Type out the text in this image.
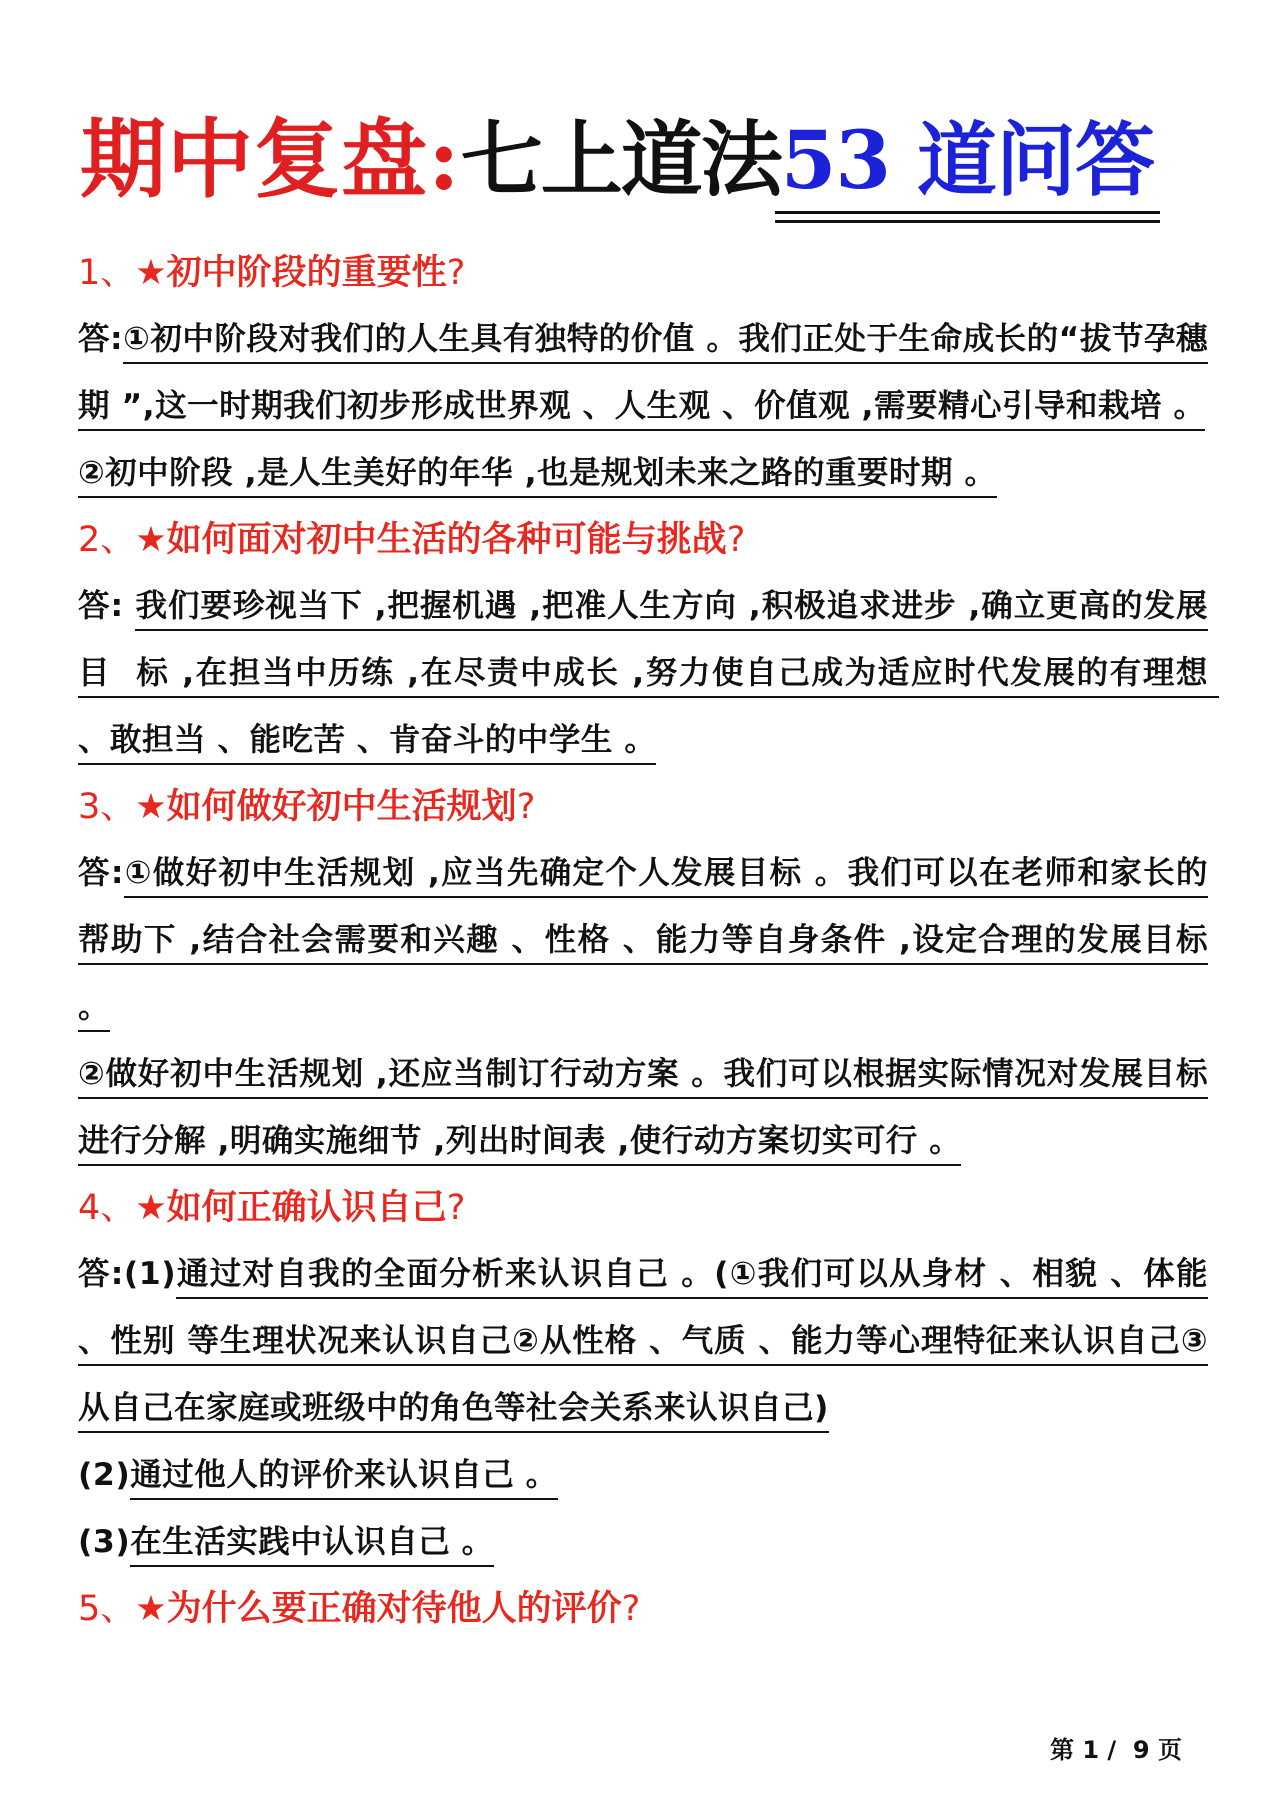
期中复盘:七上道法53 道问答
1、★初中阶段的重要性?

答:①初中阶段对我们的人生具有独特的价值 。我们正处于生命成长的“拔节孕穗期 ”,这一时期我们初步形成世界观 、人生观 、价值观 ,需要精心引导和栽培 。

②初中阶段 ,是人生美好的年华 ,也是规划未来之路的重要时期 。

2、★如何面对初中生活的各种可能与挑战?

答: 我们要珍视当下 ,把握机遇 ,把准人生方向 ,积极追求进步 ,确立更高的发展目  标 ,在担当中历练 ,在尽责中成长 ,努力使自己成为适应时代发展的有理想 、敢担当 、能吃苦 、肯奋斗的中学生 。

3、★如何做好初中生活规划?

答:①做好初中生活规划 ,应当先确定个人发展目标 。我们可以在老师和家长的帮助下 ,结合社会需要和兴趣 、性格 、能力等自身条件 ,设定合理的发展目标 。

②做好初中生活规划 ,还应当制订行动方案 。我们可以根据实际情况对发展目标进行分解 ,明确实施细节 ,列出时间表 ,使行动方案切实可行 。

4、★如何正确认识自己?

答:(1)通过对自我的全面分析来认识自己 。(①我们可以从身材 、相貌 、体能 、性别 等生理状况来认识自己②从性格 、气质 、能力等心理特征来认识自己③从自己在家庭或班级中的角色等社会关系来认识自己)

(2)通过他人的评价来认识自己 。

(3)在生活实践中认识自己 。

5、★为什么要正确对待他人的评价?
第 1 /  9 页
